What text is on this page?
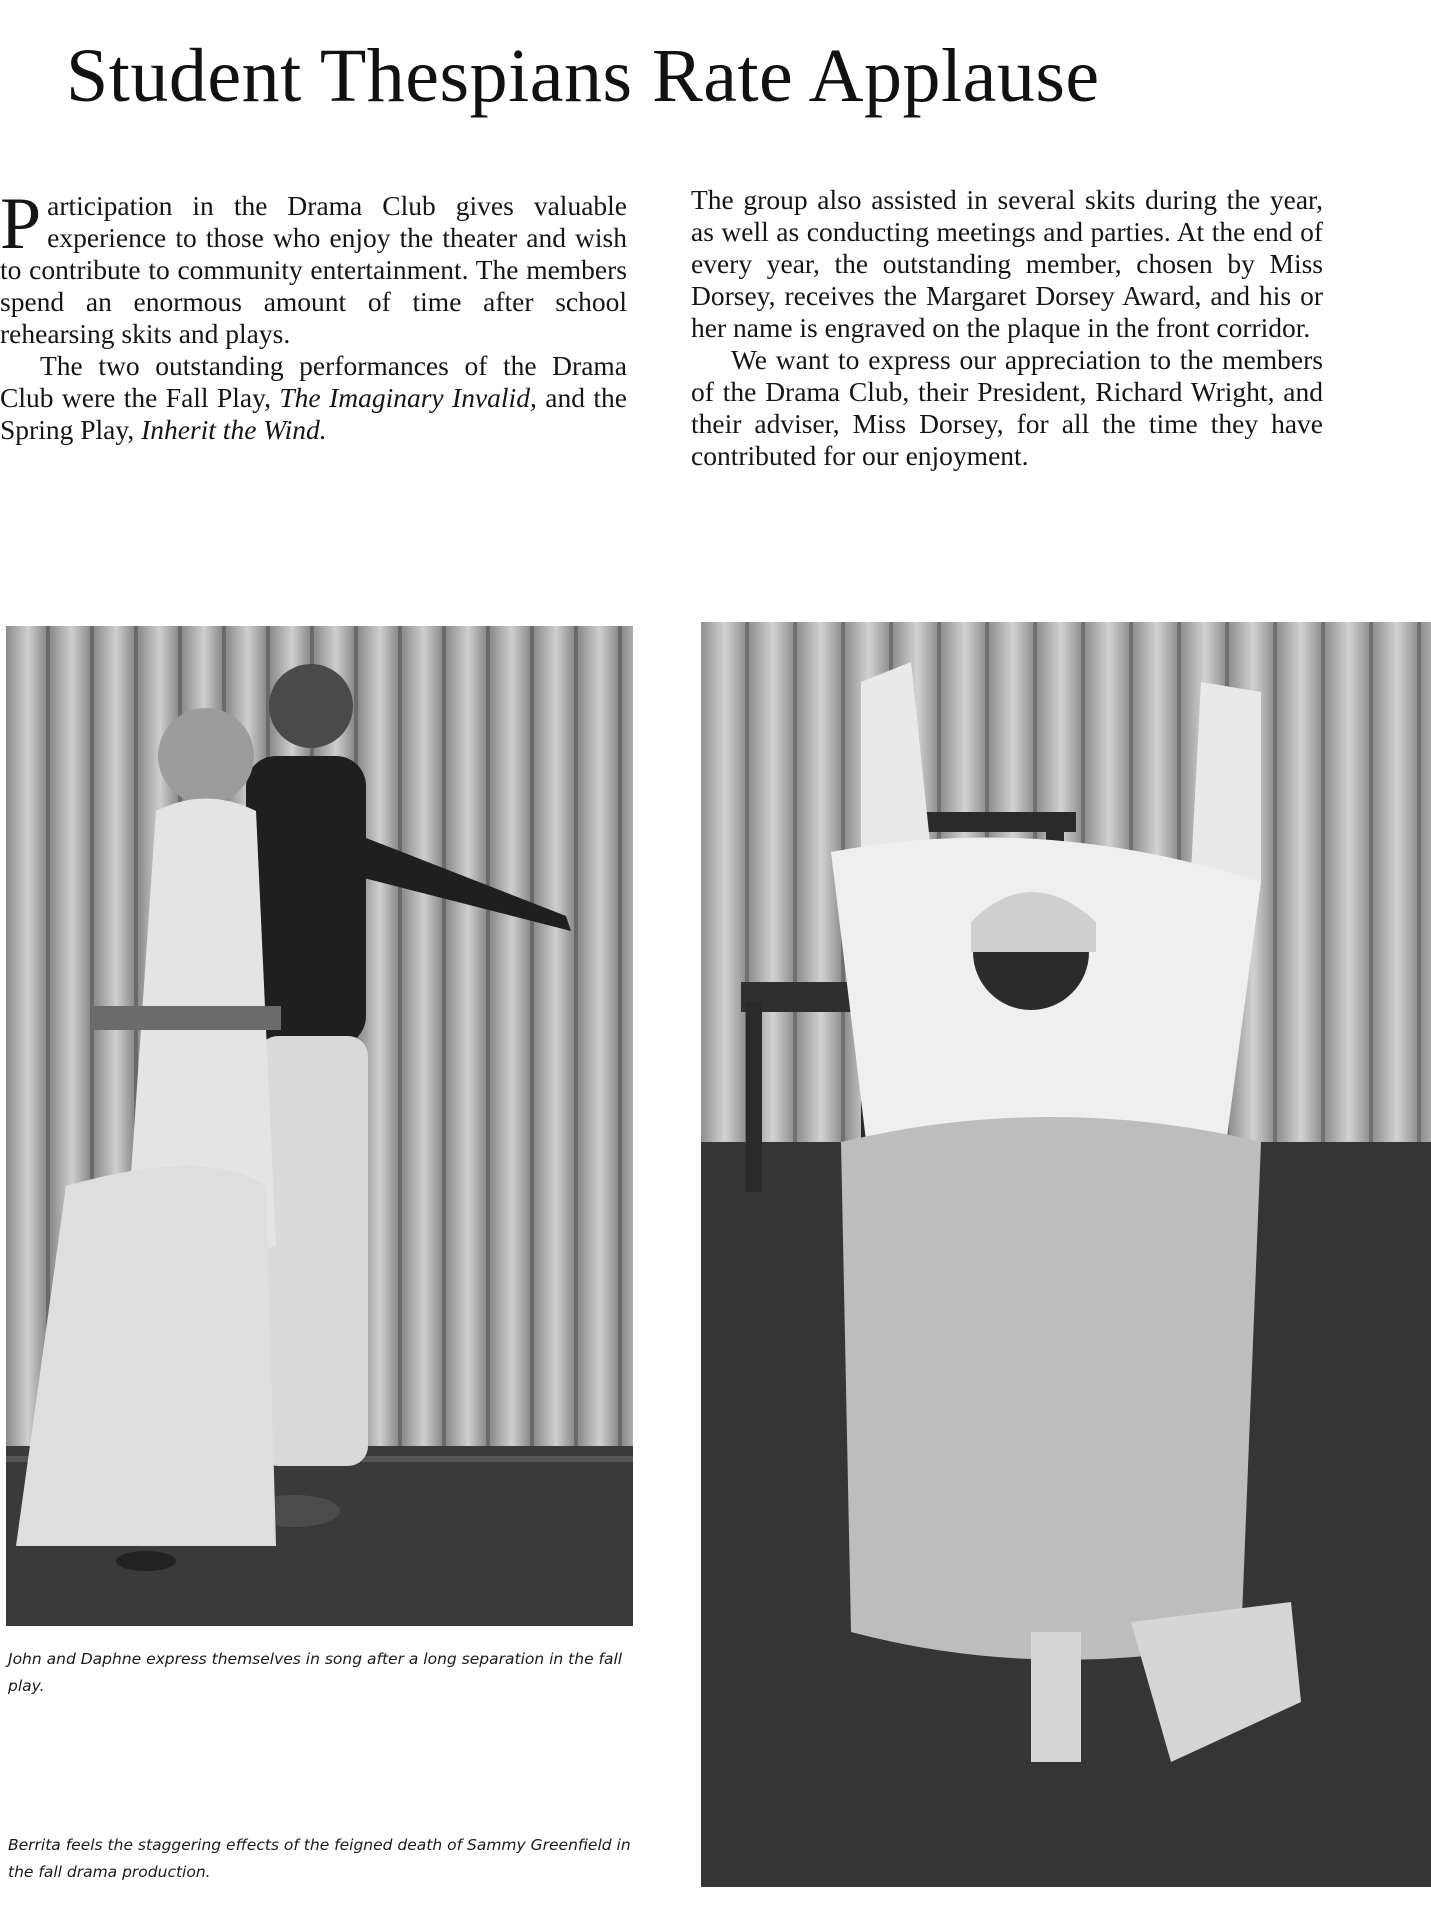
Student Thespians Rate Applause

Participation in the Drama Club gives valuable experience to those who enjoy the theater and wish to contribute to community entertainment. The members spend an enormous amount of time after school rehearsing skits and plays.

The two outstanding performances of the Drama Club were the Fall Play, The Imaginary Invalid, and the Spring Play, Inherit the Wind.

The group also assisted in several skits during the year, as well as conducting meetings and parties. At the end of every year, the outstanding member, chosen by Miss Dorsey, receives the Margaret Dorsey Award, and his or her name is engraved on the plaque in the front corridor.

We want to express our appreciation to the members of the Drama Club, their President, Richard Wright, and their adviser, Miss Dorsey, for all the time they have contributed for our enjoyment.

John and Daphne express themselves in song after a long separation in the fall play.
Berrita feels the staggering effects of the feigned death of Sammy Greenfield in the fall drama production.
